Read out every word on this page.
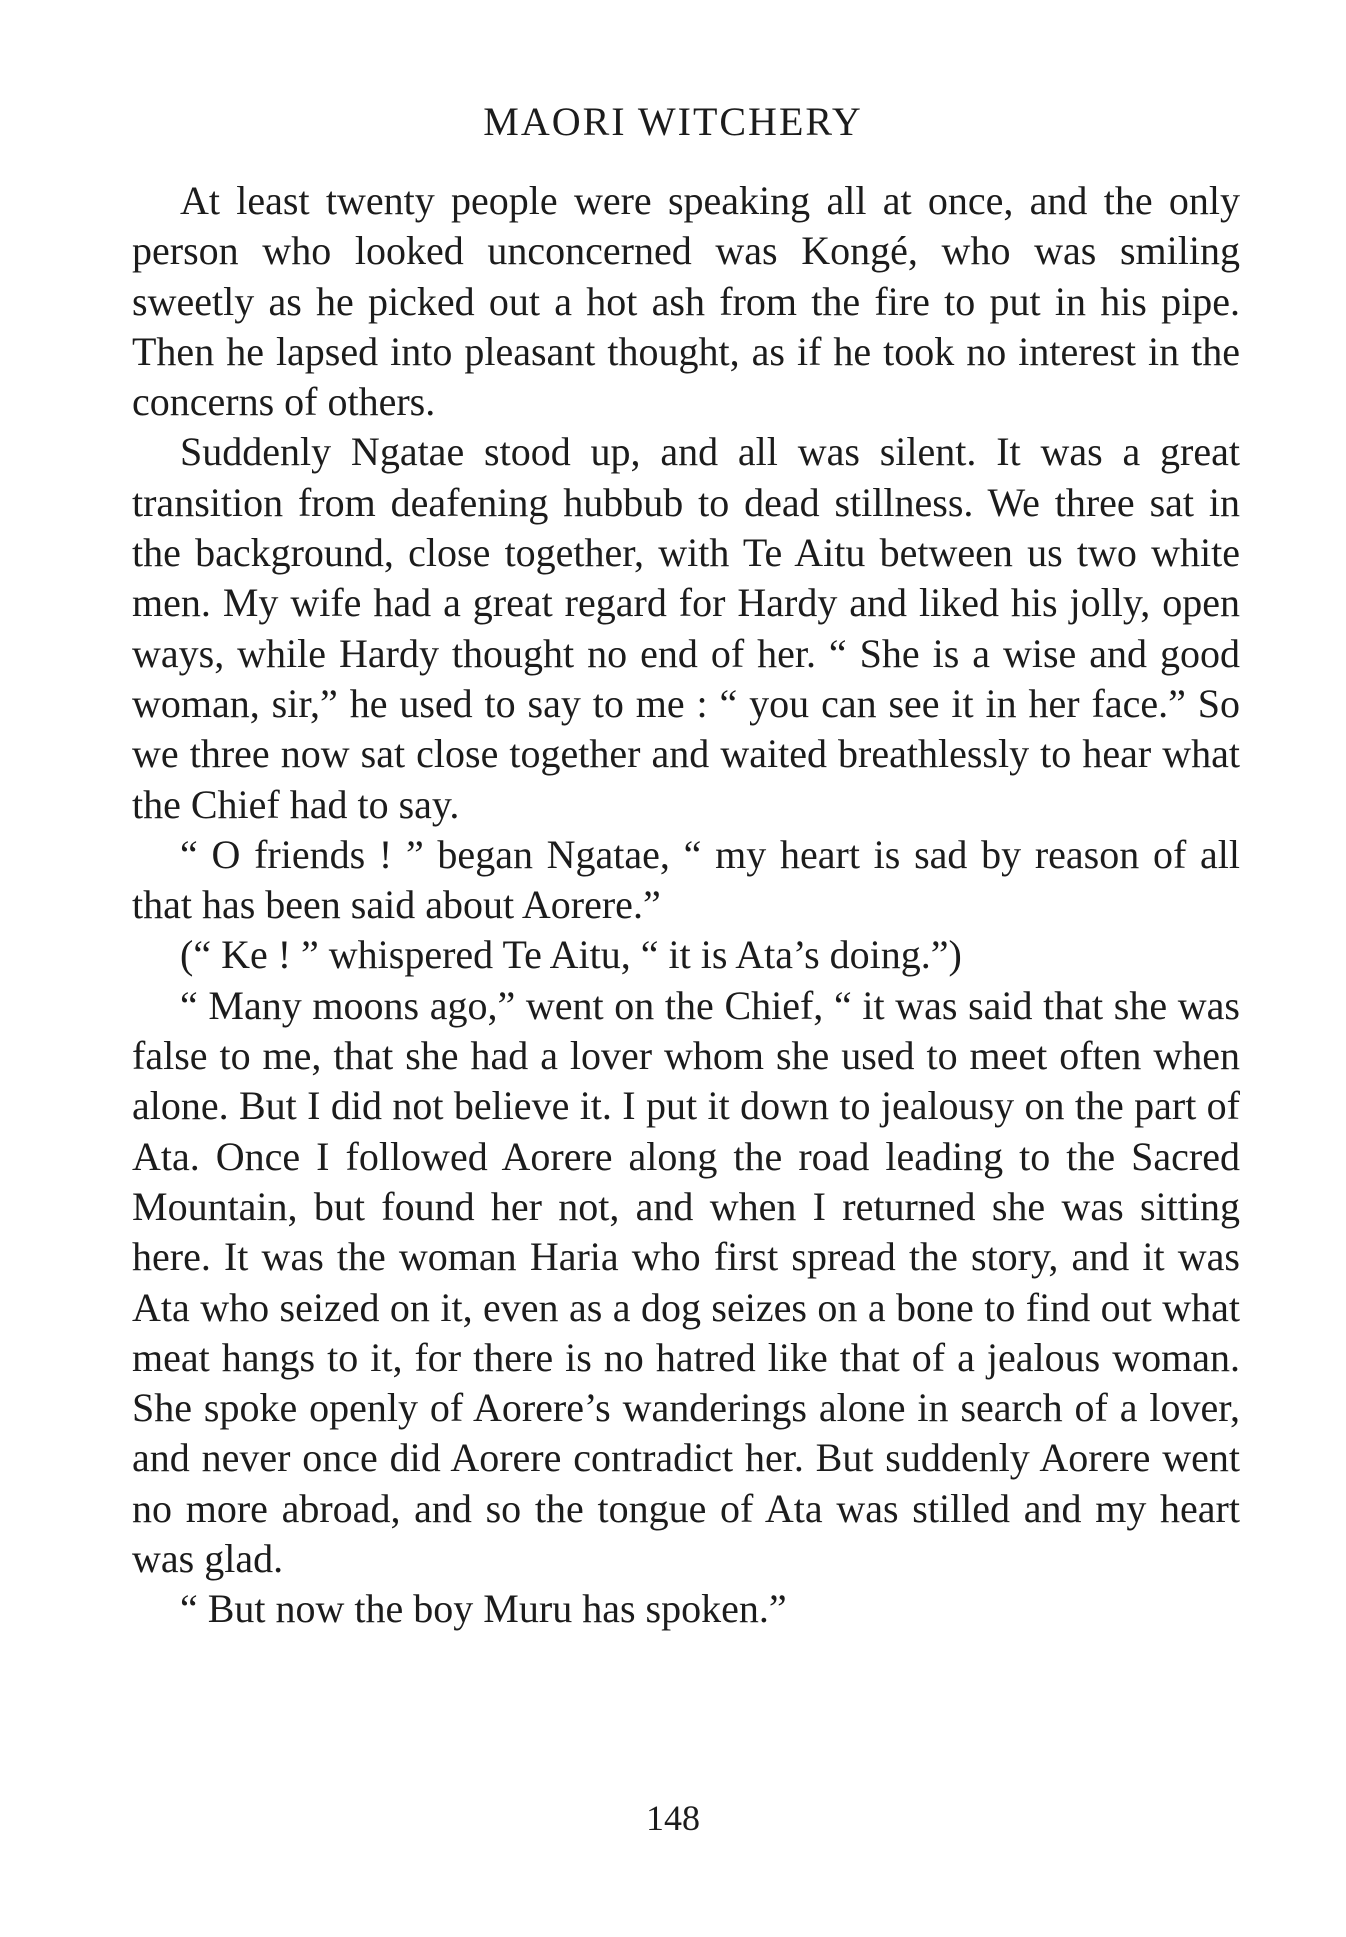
MAORI WITCHERY

At least twenty people were speaking all at once, and the only person who looked unconcerned was Kongé, who was smiling sweetly as he picked out a hot ash from the fire to put in his pipe. Then he lapsed into pleasant thought, as if he took no interest in the concerns of others.

Suddenly Ngatae stood up, and all was silent. It was a great transition from deafening hubbub to dead stillness. We three sat in the background, close together, with Te Aitu between us two white men. My wife had a great regard for Hardy and liked his jolly, open ways, while Hardy thought no end of her. “ She is a wise and good woman, sir,” he used to say to me : “ you can see it in her face.” So we three now sat close together and waited breathlessly to hear what the Chief had to say.

“ O friends ! ” began Ngatae, “ my heart is sad by reason of all that has been said about Aorere.”

(“ Ke ! ” whispered Te Aitu, “ it is Ata’s doing.”)

“ Many moons ago,” went on the Chief, “ it was said that she was false to me, that she had a lover whom she used to meet often when alone. But I did not believe it. I put it down to jealousy on the part of Ata. Once I followed Aorere along the road leading to the Sacred Mountain, but found her not, and when I returned she was sitting here. It was the woman Haria who first spread the story, and it was Ata who seized on it, even as a dog seizes on a bone to find out what meat hangs to it, for there is no hatred like that of a jealous woman. She spoke openly of Aorere’s wanderings alone in search of a lover, and never once did Aorere contradict her. But suddenly Aorere went no more abroad, and so the tongue of Ata was stilled and my heart was glad.

“ But now the boy Muru has spoken.”

148
